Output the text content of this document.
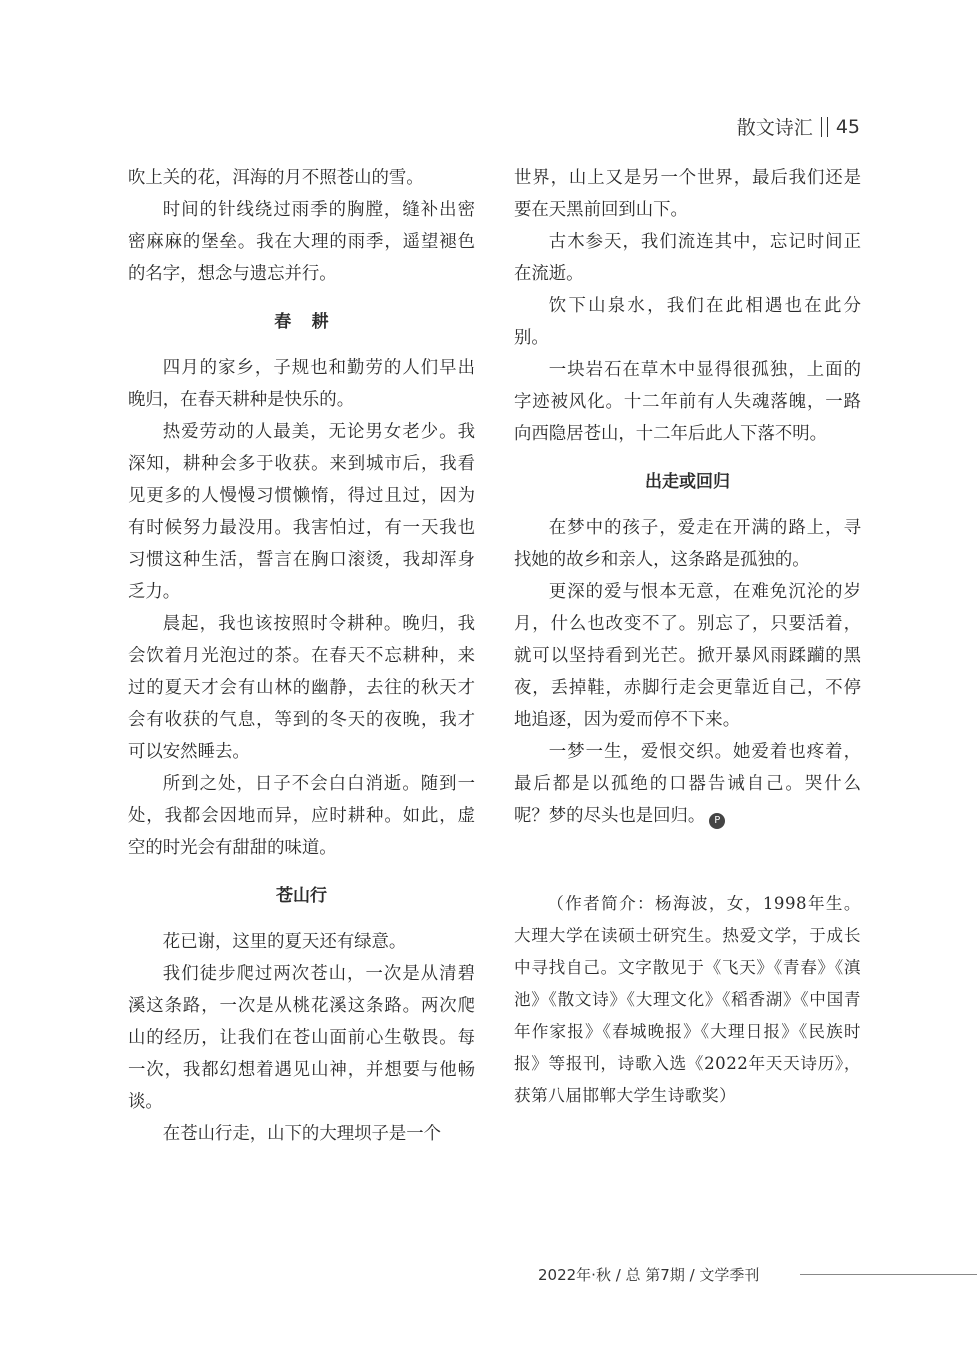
散文诗汇 45

吹上关的花，洱海的月不照苍山的雪。

时间的针线绕过雨季的胸膛，缝补出密密麻麻的堡垒。我在大理的雨季，遥望褪色的名字，想念与遗忘并行。

春耕

四月的家乡，子规也和勤劳的人们早出晚归，在春天耕种是快乐的。

热爱劳动的人最美，无论男女老少。我深知，耕种会多于收获。来到城市后，我看见更多的人慢慢习惯懒惰，得过且过，因为有时候努力最没用。我害怕过，有一天我也习惯这种生活，誓言在胸口滚烫，我却浑身乏力。

晨起，我也该按照时令耕种。晚归，我会饮着月光泡过的茶。在春天不忘耕种，来过的夏天才会有山林的幽静，去往的秋天才会有收获的气息，等到的冬天的夜晚，我才可以安然睡去。

所到之处，日子不会白白消逝。随到一处，我都会因地而异，应时耕种。如此，虚空的时光会有甜甜的味道。

苍山行

花已谢，这里的夏天还有绿意。

我们徒步爬过两次苍山，一次是从清碧溪这条路，一次是从桃花溪这条路。两次爬山的经历，让我们在苍山面前心生敬畏。每一次，我都幻想着遇见山神，并想要与他畅谈。

在苍山行走，山下的大理坝子是一个

世界，山上又是另一个世界，最后我们还是要在天黑前回到山下。

古木参天，我们流连其中，忘记时间正在流逝。

饮下山泉水，我们在此相遇也在此分别。

一块岩石在草木中显得很孤独，上面的字迹被风化。十二年前有人失魂落魄，一路向西隐居苍山，十二年后此人下落不明。

出走或回归

在梦中的孩子，爱走在开满的路上，寻找她的故乡和亲人，这条路是孤独的。

更深的爱与恨本无意，在难免沉沦的岁月，什么也改变不了。别忘了，只要活着，就可以坚持看到光芒。掀开暴风雨蹂躏的黑夜，丢掉鞋，赤脚行走会更靠近自己，不停地追逐，因为爱而停不下来。

一梦一生，爱恨交织。她爱着也疼着，最后都是以孤绝的口器告诫自己。哭什么呢？梦的尽头也是回归。 P

（作者简介：杨海波，女，1998年生。大理大学在读硕士研究生。热爱文学，于成长中寻找自己。文字散见于《飞天》《青春》《滇池》《散文诗》《大理文化》《稻香湖》《中国青年作家报》《春城晚报》《大理日报》《民族时报》等报刊，诗歌入选《2022年天天诗历》，获第八届邯郸大学生诗歌奖）

2022年·秋 / 总 第7期 / 文学季刊
